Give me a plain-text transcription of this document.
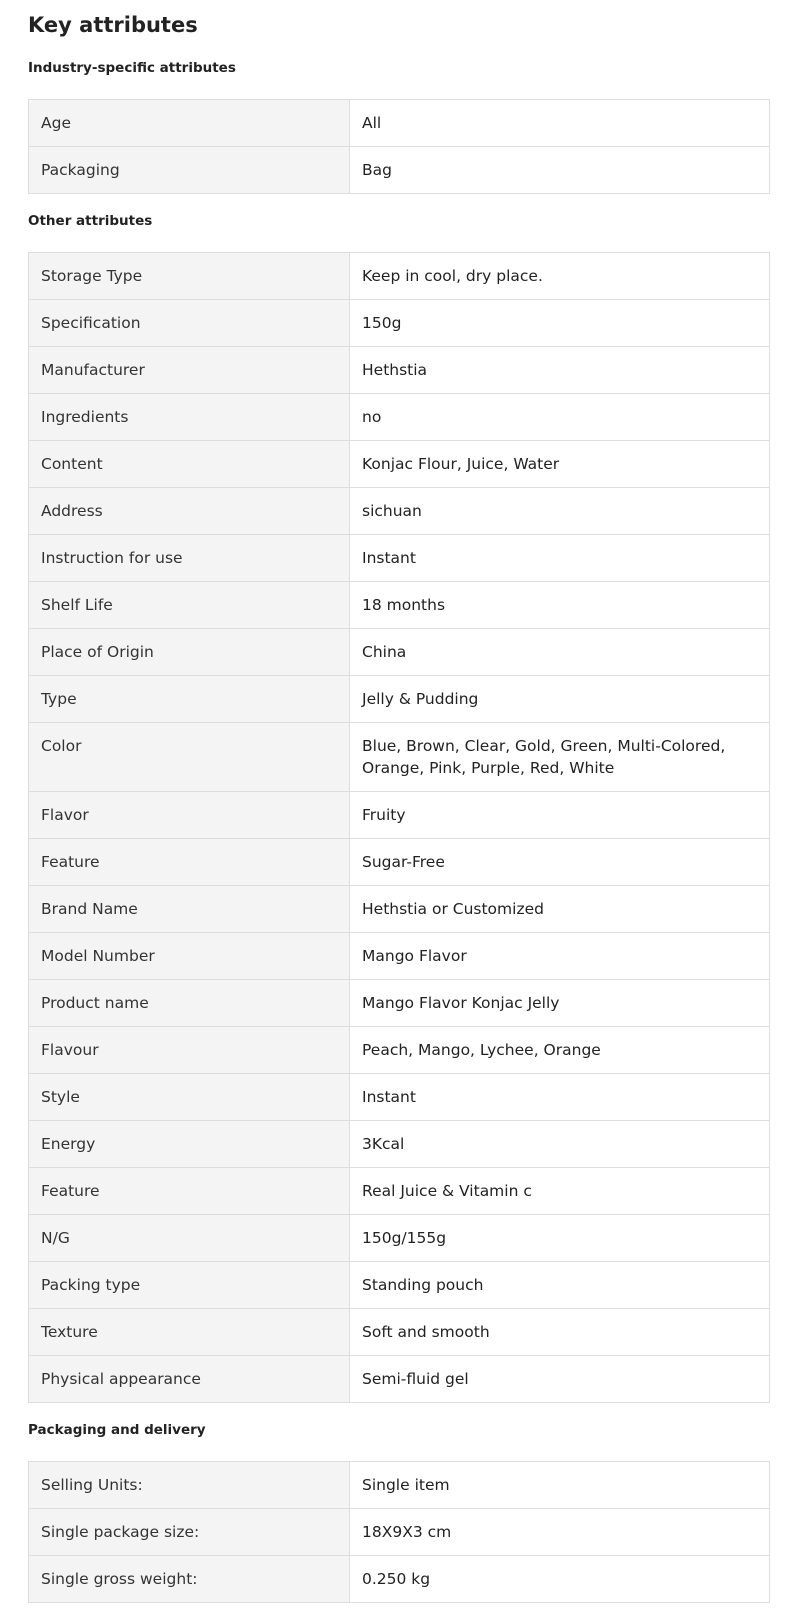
Key attributes
Industry-specific attributes
Age	All
Packaging	Bag
Other attributes
Storage Type	Keep in cool, dry place.
Specification	150g
Manufacturer	Hethstia
Ingredients	no
Content	Konjac Flour, Juice, Water
Address	sichuan
Instruction for use	Instant
Shelf Life	18 months
Place of Origin	China
Type	Jelly & Pudding
Color	Blue, Brown, Clear, Gold, Green, Multi-Colored, Orange, Pink, Purple, Red, White
Flavor	Fruity
Feature	Sugar-Free
Brand Name	Hethstia or Customized
Model Number	Mango Flavor
Product name	Mango Flavor Konjac Jelly
Flavour	Peach, Mango, Lychee, Orange
Style	Instant
Energy	3Kcal
Feature	Real Juice & Vitamin c
N/G	150g/155g
Packing type	Standing pouch
Texture	Soft and smooth
Physical appearance	Semi-fluid gel
Packaging and delivery
Selling Units:	Single item
Single package size:	18X9X3 cm
Single gross weight:	0.250 kg
